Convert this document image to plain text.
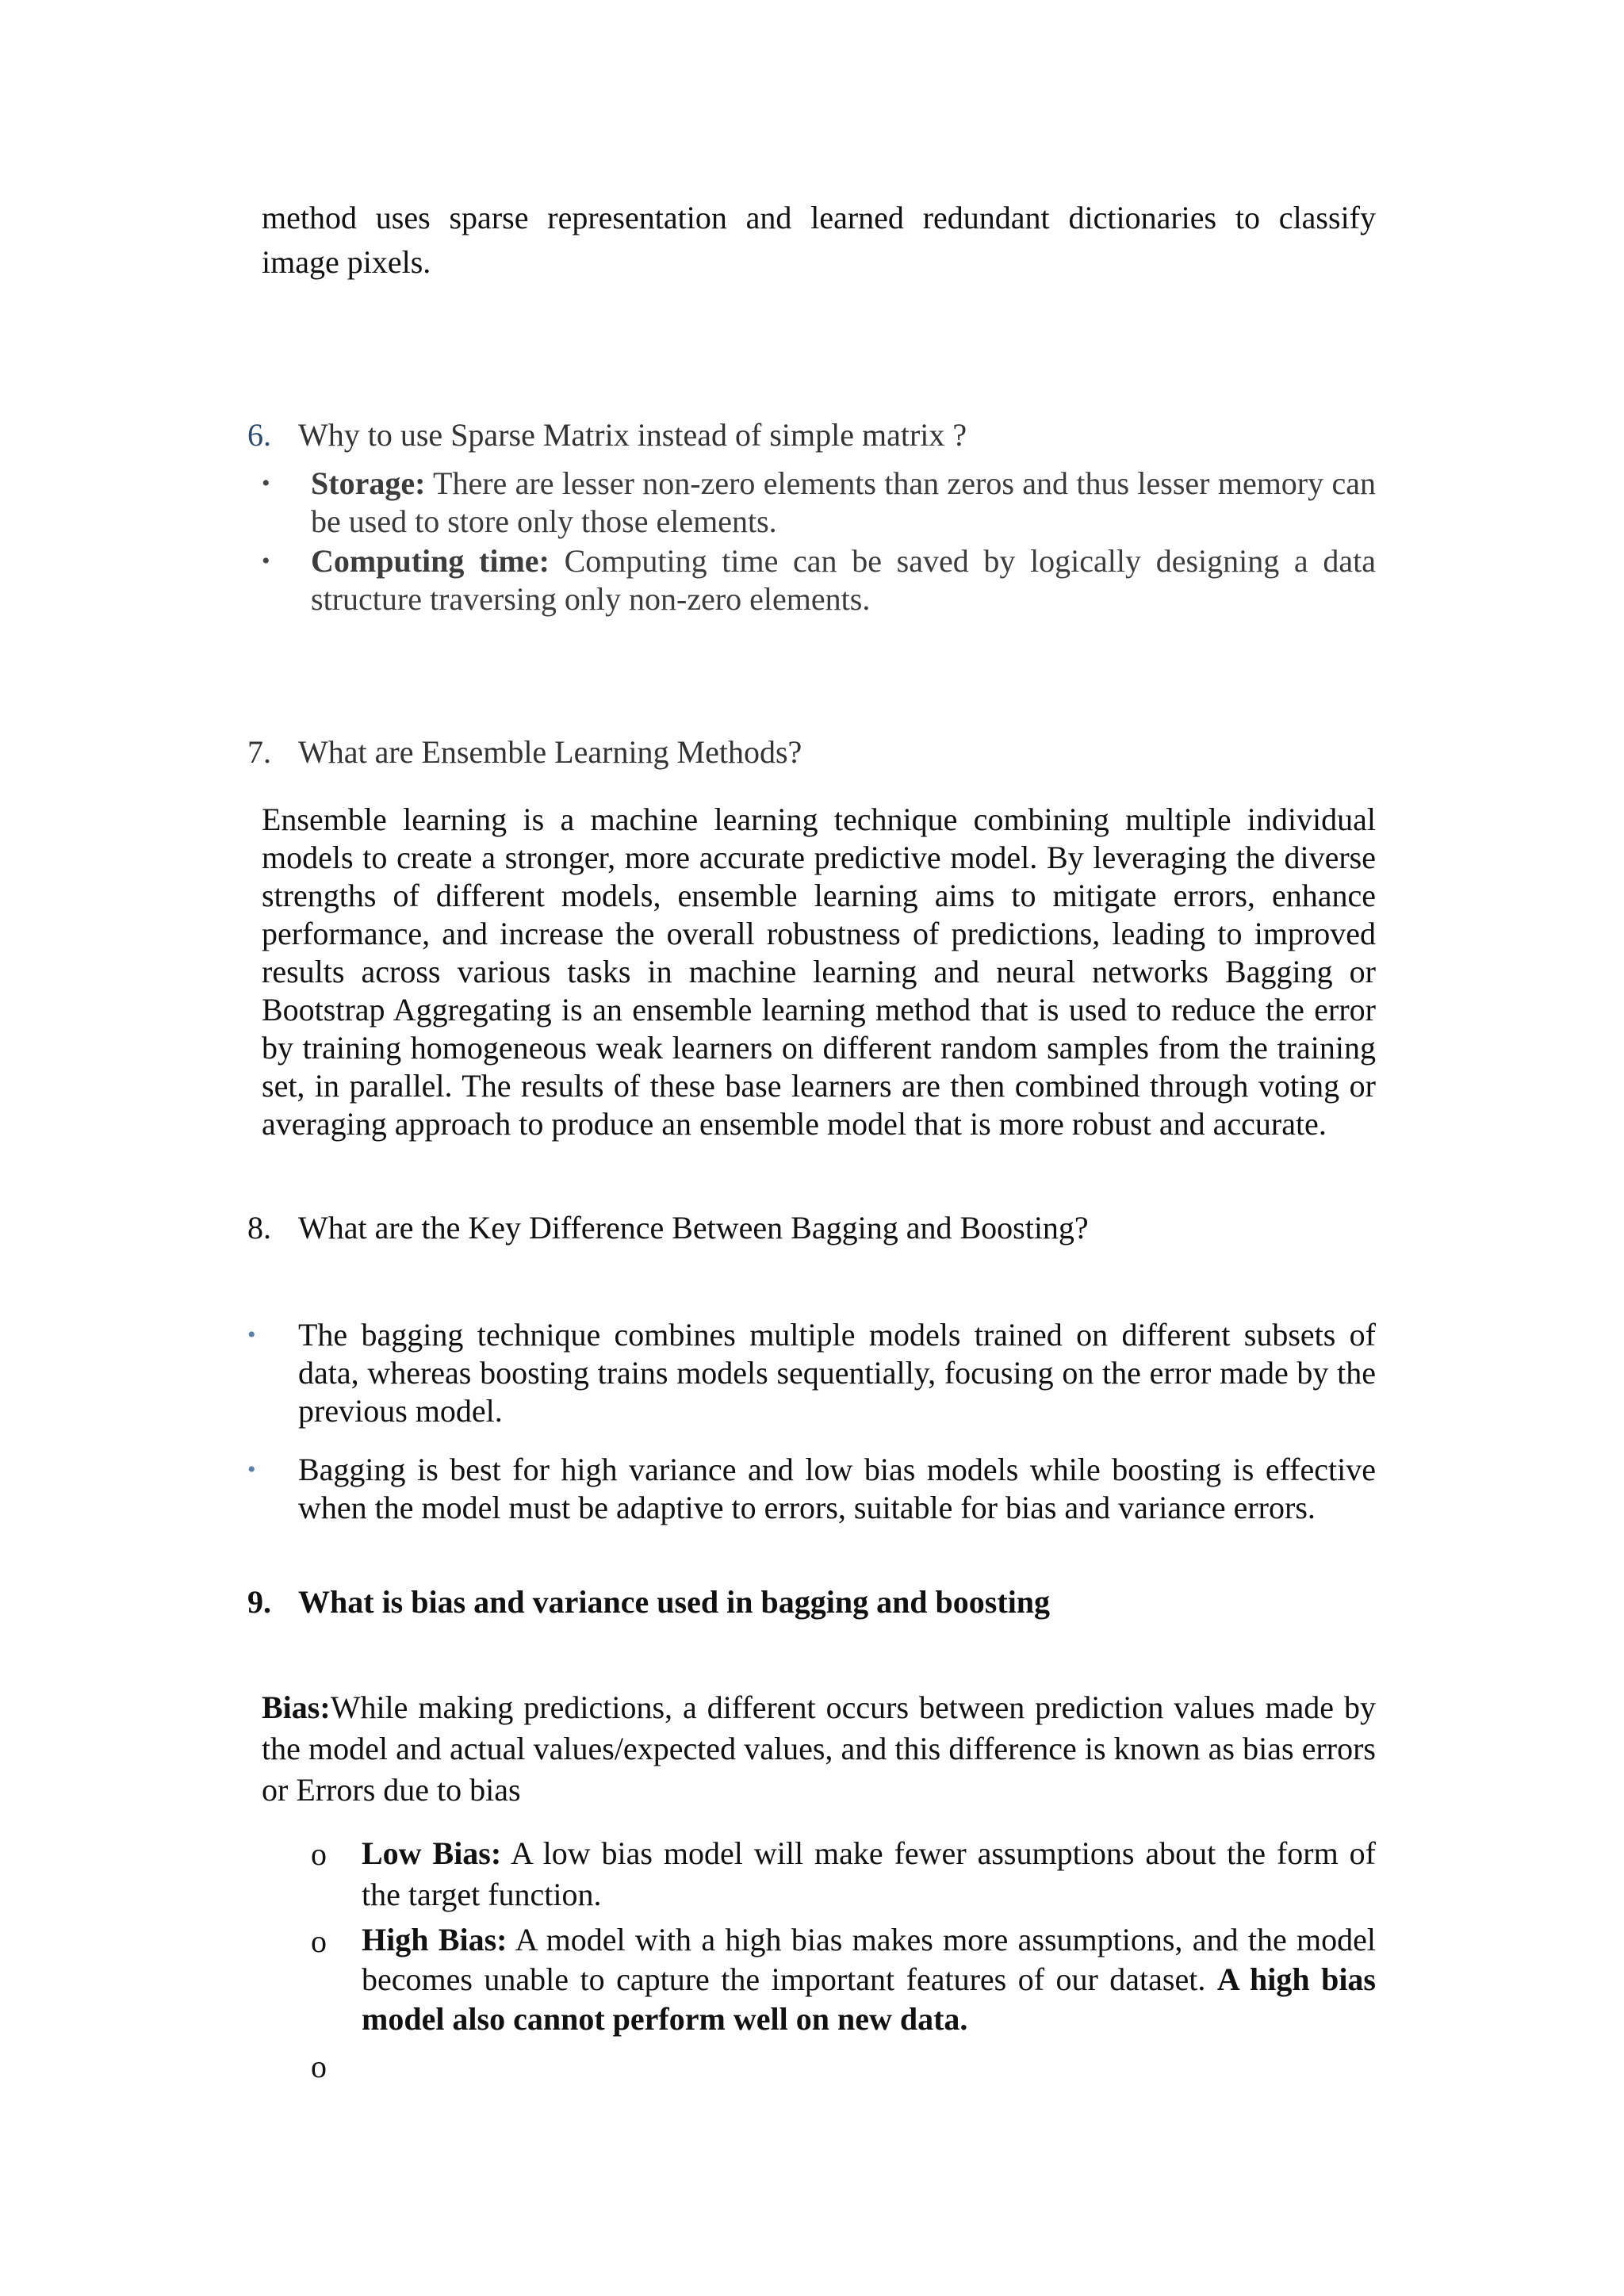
method uses sparse representation and learned redundant dictionaries to classify

image pixels.

6. Why to use Sparse Matrix instead of simple matrix ?

• Storage: There are lesser non-zero elements than zeros and thus lesser memory can be used to store only those elements.

• Computing time: Computing time can be saved by logically designing a data structure traversing only non-zero elements.

7. What are Ensemble Learning Methods?

Ensemble learning is a machine learning technique combining multiple individual models to create a stronger, more accurate predictive model. By leveraging the diverse strengths of different models, ensemble learning aims to mitigate errors, enhance performance, and increase the overall robustness of predictions, leading to improved results across various tasks in machine learning and neural networks Bagging or Bootstrap Aggregating is an ensemble learning method that is used to reduce the error by training homogeneous weak learners on different random samples from the training set, in parallel. The results of these base learners are then combined through voting or averaging approach to produce an ensemble model that is more robust and accurate.

8. What are the Key Difference Between Bagging and Boosting?

• The bagging technique combines multiple models trained on different subsets of data, whereas boosting trains models sequentially, focusing on the error made by the previous model.

• Bagging is best for high variance and low bias models while boosting is effective when the model must be adaptive to errors, suitable for bias and variance errors.

9. What is bias and variance used in bagging and boosting

Bias:While making predictions, a different occurs between prediction values made by the model and actual values/expected values, and this difference is known as bias errors or Errors due to bias

o Low Bias: A low bias model will make fewer assumptions about the form of the target function.

o High Bias: A model with a high bias makes more assumptions, and the model becomes unable to capture the important features of our dataset. A high bias model also cannot perform well on new data.

o
